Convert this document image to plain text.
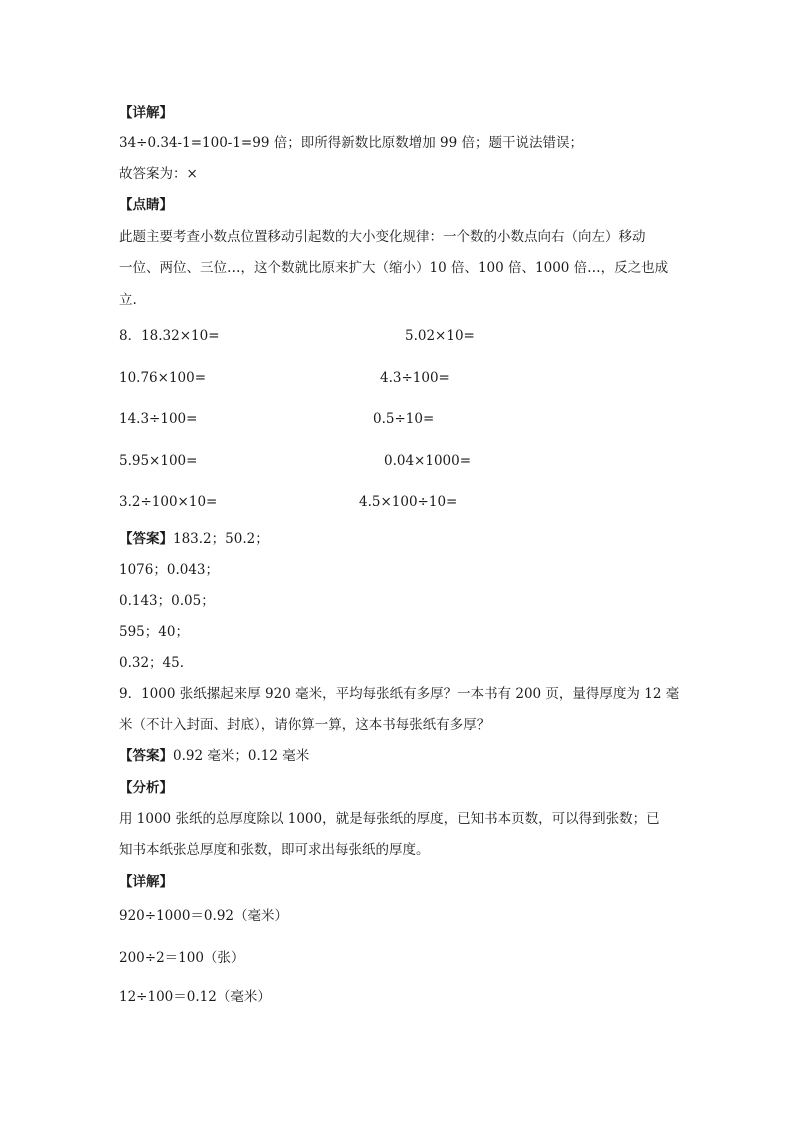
【详解】
34÷0.34-1=100-1=99 倍；即所得新数比原数增加 99 倍；题干说法错误；
故答案为：×
【点睛】
此题主要考查小数点位置移动引起数的大小变化规律：一个数的小数点向右（向左）移动
一位、两位、三位…，这个数就比原来扩大（缩小）10 倍、100 倍、1000 倍…，反之也成
立.
8．18.32×10=	5.02×10=
10.76×100=	4.3÷100=
14.3÷100=	0.5÷10=
5.95×100=	0.04×1000=
3.2÷100×10=	4.5×100÷10=
【答案】183.2；50.2；
1076；0.043；
0.143；0.05；
595；40；
0.32；45.
9．1000 张纸摞起来厚 920 毫米，平均每张纸有多厚？一本书有 200 页，量得厚度为 12 毫
米（不计入封面、封底），请你算一算，这本书每张纸有多厚？
【答案】0.92 毫米；0.12 毫米
【分析】
用 1000 张纸的总厚度除以 1000，就是每张纸的厚度，已知书本页数，可以得到张数；已
知书本纸张总厚度和张数，即可求出每张纸的厚度。
【详解】
920÷1000＝0.92（毫米）
200÷2＝100（张）
12÷100＝0.12（毫米）
